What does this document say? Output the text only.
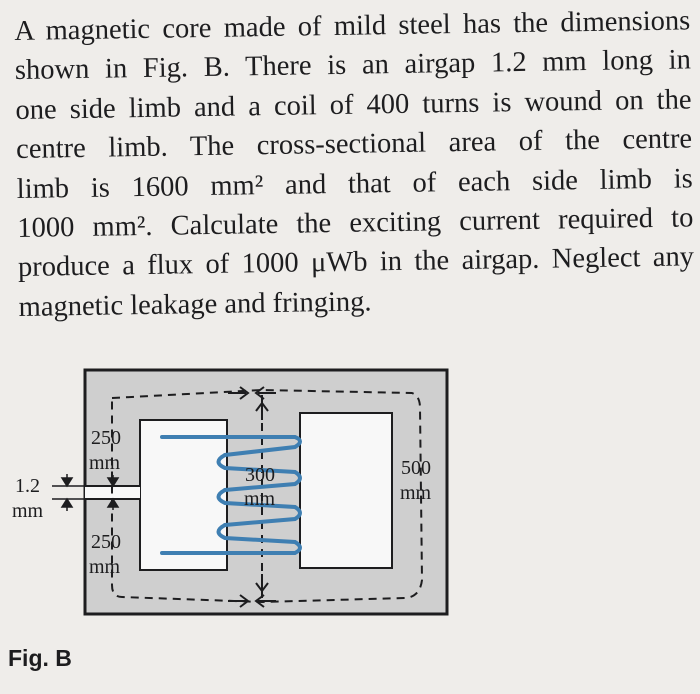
A magnetic core made of mild steel has the dimensions
shown in Fig. B. There is an airgap 1.2 mm long in
one side limb and a coil of 400 turns is wound on the
centre limb. The cross-sectional area of the centre
limb is 1600 mm² and that of each side limb is
1000 mm². Calculate the exciting current required to
produce a flux of 1000 μWb in the airgap. Neglect any
magnetic leakage and fringing.
250
mm
250
mm
300
mm
500
mm
1.2
mm
Fig. B
